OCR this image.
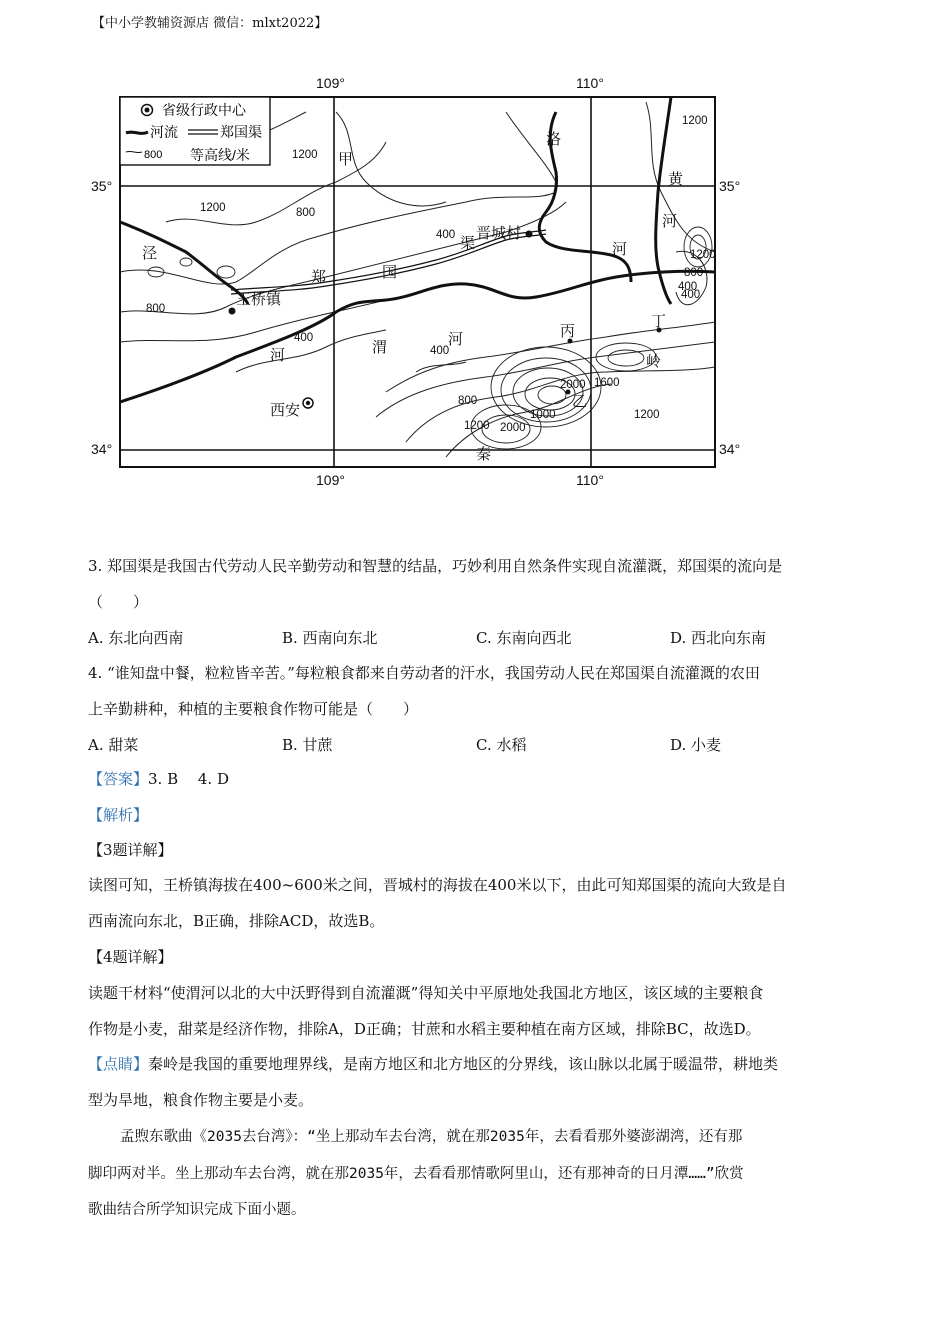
【中小学教辅资源店 微信：mlxt2022】
109°	110°
109°	110°
35°	35°
34°	34°
省级行政中心
河流	郑国渠
800 等高线/米
王桥镇
晋城村
西安
丙
丁
乙
泾
郑	国
渠
河	渭	河
河
洛
甲
黄
河
秦
岭
1200
1200	800
400
800
400
400
400
2000 1600
1000	1200
800
1200 2000
1200
800
1200
400
3. 郑国渠是我国古代劳动人民辛勤劳动和智慧的结晶，巧妙利用自然条件实现自流灌溉，郑国渠的流向是
（　　）
A. 东北向西南	B. 西南向东北	C. 东南向西北	D. 西北向东南
4. “谁知盘中餐，粒粒皆辛苦。”每粒粮食都来自劳动者的汗水，我国劳动人民在郑国渠自流灌溉的农田
上辛勤耕种，种植的主要粮食作物可能是（　　）
A. 甜菜	B. 甘蔗	C. 水稻	D. 小麦
【答案】3. B　 4. D
【解析】
【3题详解】
读图可知，王桥镇海拔在400~600米之间，晋城村的海拔在400米以下，由此可知郑国渠的流向大致是自
西南流向东北，B正确，排除ACD，故选B。
【4题详解】
读题干材料“使渭河以北的大中沃野得到自流灌溉”得知关中平原地处我国北方地区，该区域的主要粮食
作物是小麦，甜菜是经济作物，排除A，D正确；甘蔗和水稻主要种植在南方区域，排除BC，故选D。
【点睛】秦岭是我国的重要地理界线，是南方地区和北方地区的分界线，该山脉以北属于暖温带，耕地类
型为旱地，粮食作物主要是小麦。
孟煦东歌曲《2035去台湾》：“坐上那动车去台湾，就在那2035年，去看看那外婆澎湖湾，还有那
脚印两对半。坐上那动车去台湾，就在那2035年，去看看那情歌阿里山，还有那神奇的日月潭……”欣赏
歌曲结合所学知识完成下面小题。
